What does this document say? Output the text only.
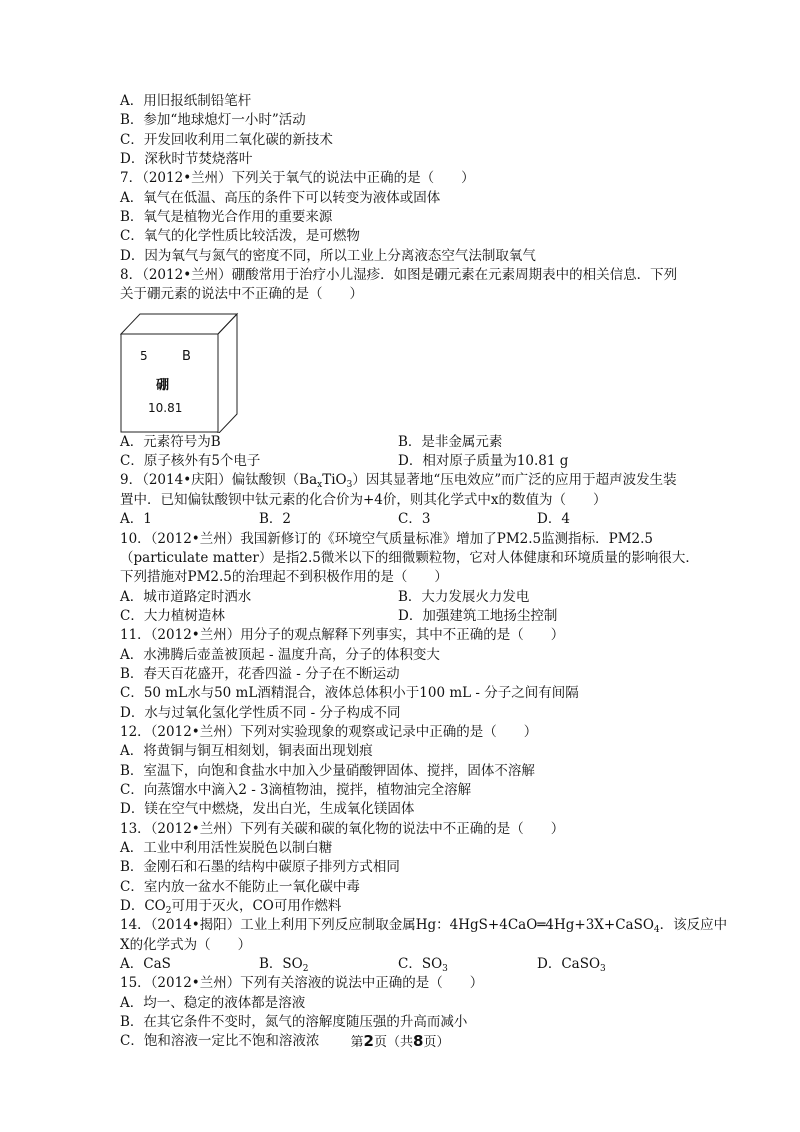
A．用旧报纸制铅笔杆
B．参加“地球熄灯一小时”活动
C．开发回收利用二氧化碳的新技术
D．深秋时节焚烧落叶
7．（2012•兰州）下列关于氧气的说法中正确的是（　　）
A．氧气在低温、高压的条件下可以转变为液体或固体
B．氧气是植物光合作用的重要来源
C．氧气的化学性质比较活泼，是可燃物
D．因为氧气与氮气的密度不同，所以工业上分离液态空气法制取氧气
8．（2012•兰州）硼酸常用于治疗小儿湿疹．如图是硼元素在元素周期表中的相关信息．下列
关于硼元素的说法中不正确的是（　　）
5	B
硼
10.81
A．元素符号为B	B．是非金属元素
C．原子核外有5个电子	D．相对原子质量为10.81 g
9．（2014•庆阳）偏钛酸钡$(Ba_xTiO_3)$因其显著地“压电效应”而广泛的应用于超声波发生装
置中．已知偏钛酸钡中钛元素的化合价为+4价，则其化学式中x的数值为（　　）
A．1	B．2	C．3	D．4
10．（2012•兰州）我国新修订的《环境空气质量标准》增加了PM2.5监测指标．PM2.5
（particulate matter）是指2.5微米以下的细微颗粒物，它对人体健康和环境质量的影响很大．
下列措施对PM2.5的治理起不到积极作用的是（　　）
A．城市道路定时洒水	B．大力发展火力发电
C．大力植树造林	D．加强建筑工地扬尘控制
11．（2012•兰州）用分子的观点解释下列事实，其中不正确的是（　　）
A．水沸腾后壶盖被顶起 - 温度升高，分子的体积变大
B．春天百花盛开，花香四溢 - 分子在不断运动
C．50 mL水与50 mL酒精混合，液体总体积小于100 mL - 分子之间有间隔
D．水与过氧化氢化学性质不同 - 分子构成不同
12．（2012•兰州）下列对实验现象的观察或记录中正确的是（　　）
A．将黄铜与铜互相刻划，铜表面出现划痕
B．室温下，向饱和食盐水中加入少量硝酸钾固体、搅拌，固体不溶解
C．向蒸馏水中滴入2 - 3滴植物油，搅拌，植物油完全溶解
D．镁在空气中燃烧，发出白光，生成氧化镁固体
13．（2012•兰州）下列有关碳和碳的氧化物的说法中不正确的是（　　）
A．工业中利用活性炭脱色以制白糖
B．金刚石和石墨的结构中碳原子排列方式相同
C．室内放一盆水不能防止一氧化碳中毒
D．$CO_2$可用于灭火，CO可用作燃料
14．（2014•揭阳）工业上利用下列反应制取金属Hg：4HgS+4CaO═4Hg+3X+CaSO$_4$．该反应中
X的化学式为（　　）
A．CaS	B．$SO_2$	C．$SO_3$	D．CaSO$_3$
15．（2012•兰州）下列有关溶液的说法中正确的是（　　）
A．均一、稳定的液体都是溶液
B．在其它条件不变时，氮气的溶解度随压强的升高而减小
C．饱和溶液一定比不饱和溶液浓	第2页（共8页）
